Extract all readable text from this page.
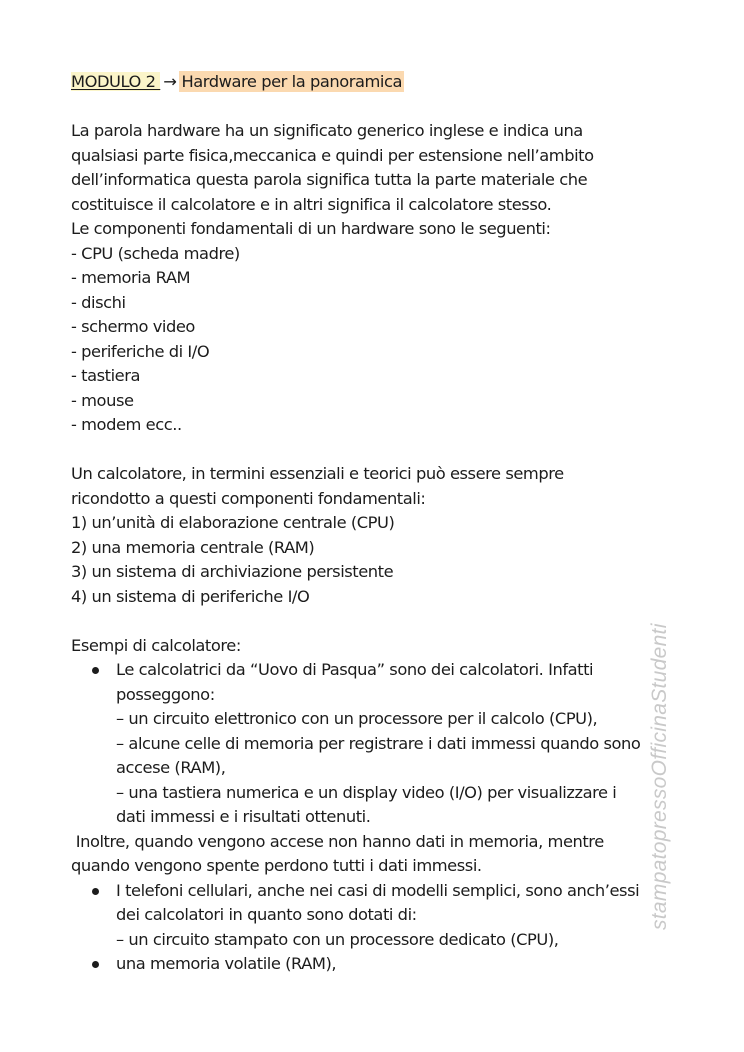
MODULO 2 → Hardware per la panoramica
La parola hardware ha un significato generico inglese e indica una
qualsiasi parte fisica,meccanica e quindi per estensione nell’ambito
dell’informatica questa parola significa tutta la parte materiale che
costituisce il calcolatore e in altri significa il calcolatore stesso.
Le componenti fondamentali di un hardware sono le seguenti:
- CPU (scheda madre)
- memoria RAM
- dischi
- schermo video
- periferiche di I/O
- tastiera
- mouse
- modem ecc..
Un calcolatore, in termini essenziali e teorici può essere sempre
ricondotto a questi componenti fondamentali:
1) un’unità di elaborazione centrale (CPU)
2) una memoria centrale (RAM)
3) un sistema di archiviazione persistente
4) un sistema di periferiche I/O
Esempi di calcolatore:
Le calcolatrici da “Uovo di Pasqua” sono dei calcolatori. Infatti
posseggono:
– un circuito elettronico con un processore per il calcolo (CPU),
– alcune celle di memoria per registrare i dati immessi quando sono
accese (RAM),
– una tastiera numerica e un display video (I/O) per visualizzare i
dati immessi e i risultati ottenuti.
Inoltre, quando vengono accese non hanno dati in memoria, mentre
quando vengono spente perdono tutti i dati immessi.
I telefoni cellulari, anche nei casi di modelli semplici, sono anch’essi
dei calcolatori in quanto sono dotati di:
– un circuito stampato con un processore dedicato (CPU),
una memoria volatile (RAM),
stampatopressoOfficinaStudenti
